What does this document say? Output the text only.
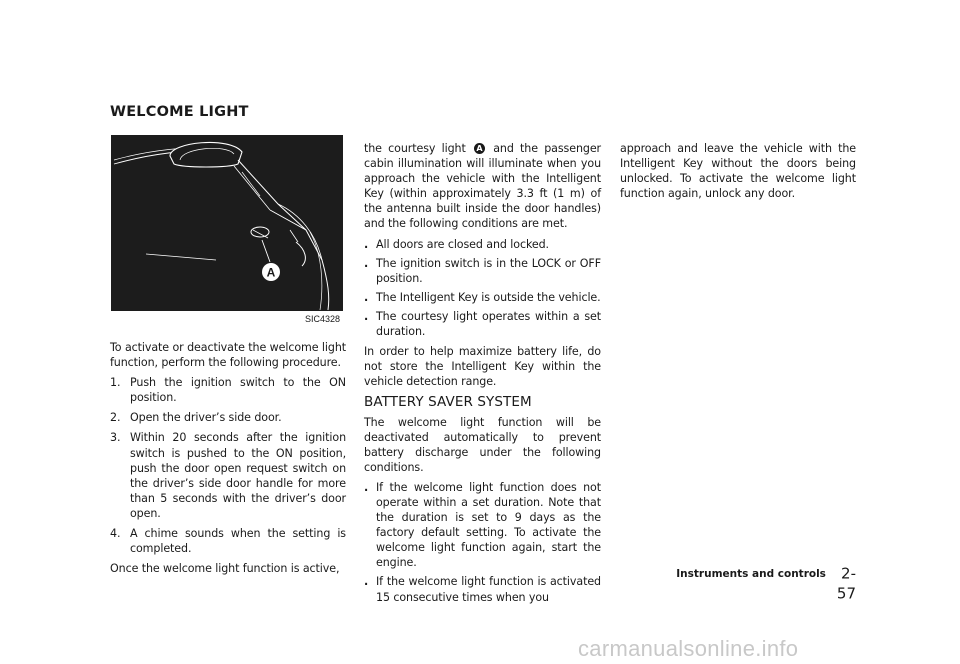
WELCOME LIGHT
A
SIC4328

To activate or deactivate the welcome light function, perform the following procedure.

1. Push the ignition switch to the ON position.
2. Open the driver’s side door.
3. Within 20 seconds after the ignition switch is pushed to the ON position, push the door open request switch on the driver’s side door handle for more than 5 seconds with the driver’s door open.
4. A chime sounds when the setting is completed.

Once the welcome light function is active,

the courtesy light A and the passenger cabin illumination will illuminate when you approach the vehicle with the Intelligent Key (within approximately 3.3 ft (1 m) of the antenna built inside the door handles) and the following conditions are met.

. All doors are closed and locked.
. The ignition switch is in the LOCK or OFF position.
. The Intelligent Key is outside the vehicle.
. The courtesy light operates within a set duration.

In order to help maximize battery life, do not store the Intelligent Key within the vehicle detection range.

BATTERY SAVER SYSTEM

The welcome light function will be deactivated automatically to prevent battery discharge under the following conditions.

. If the welcome light function does not operate within a set duration. Note that the duration is set to 9 days as the factory default setting. To activate the welcome light function again, start the engine.
. If the welcome light function is activated 15 consecutive times when you

approach and leave the vehicle with the Intelligent Key without the doors being unlocked. To activate the welcome light function again, unlock any door.

Instruments and controls 2-57
carmanualsonline.info
